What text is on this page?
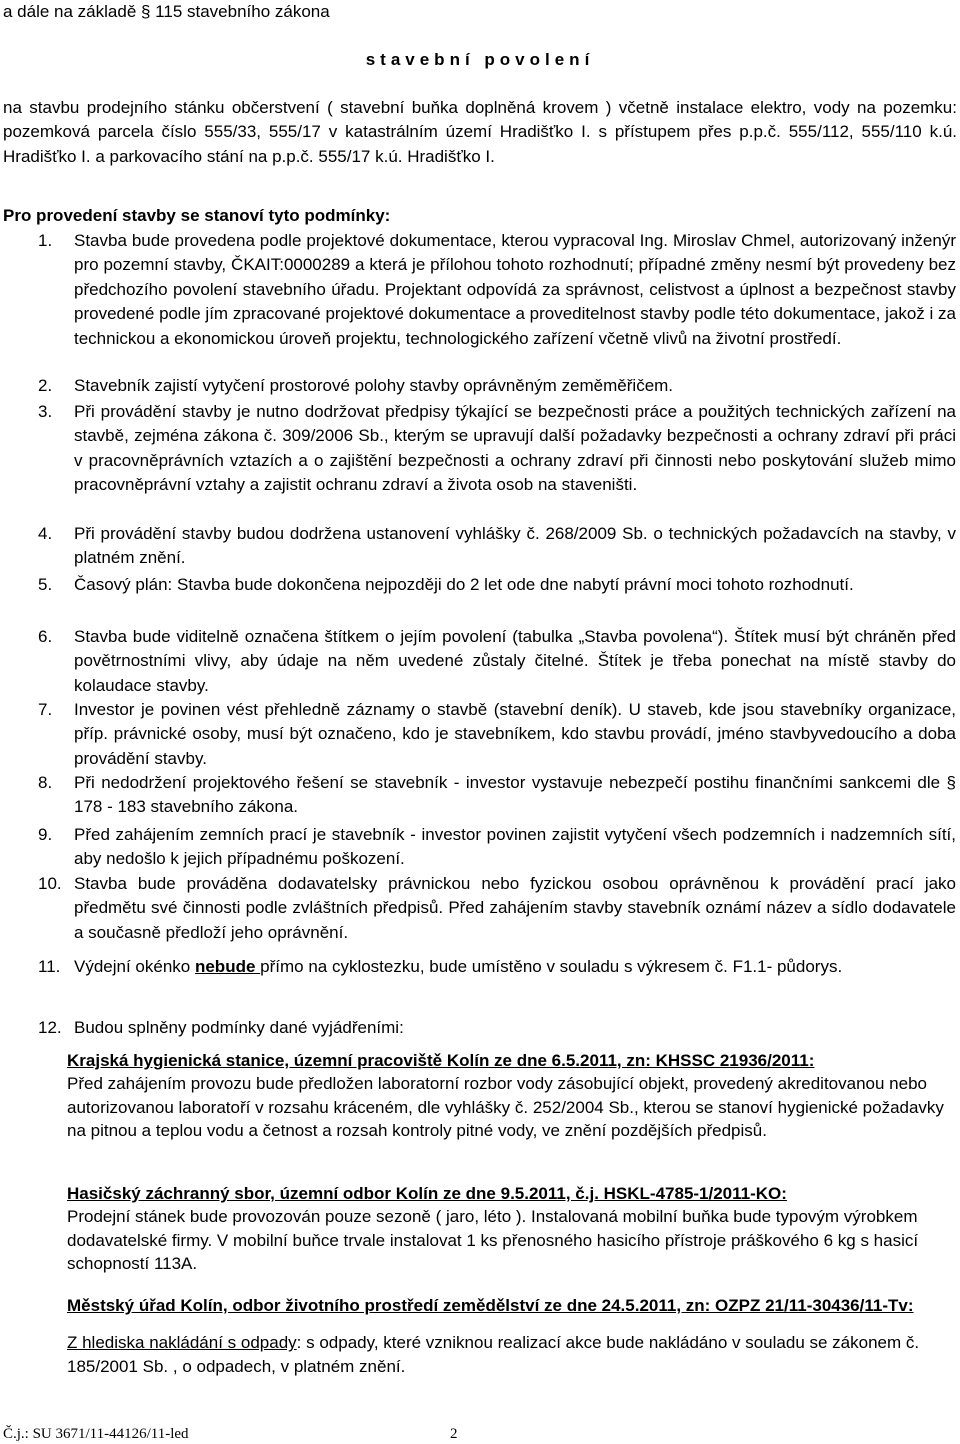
a dále na základě § 115 stavebního zákona
stavební povolení
na stavbu prodejního stánku občerstvení ( stavební buňka doplněná krovem ) včetně instalace elektro, vody na pozemku: pozemková parcela číslo 555/33, 555/17 v katastrálním území Hradišťko I. s přístupem přes p.p.č. 555/112, 555/110 k.ú. Hradišťko I. a parkovacího stání na p.p.č. 555/17 k.ú. Hradišťko I.
Pro provedení stavby se stanoví tyto podmínky:
1.	Stavba bude provedena podle projektové dokumentace, kterou vypracoval Ing. Miroslav Chmel, autorizovaný inženýr pro pozemní stavby, ČKAIT:0000289 a která je přílohou tohoto rozhodnutí; případné změny nesmí být provedeny bez předchozího povolení stavebního úřadu. Projektant odpovídá za správnost, celistvost a úplnost a bezpečnost stavby provedené podle jím zpracované projektové dokumentace a proveditelnost stavby podle této dokumentace, jakož i za technickou a ekonomickou úroveň projektu, technologického zařízení včetně vlivů na životní prostředí.
2.	Stavebník zajistí vytyčení prostorové polohy stavby oprávněným zeměměřičem.
3.	Při provádění stavby je nutno dodržovat předpisy týkající se bezpečnosti práce a použitých technických zařízení na stavbě, zejména zákona č. 309/2006 Sb., kterým se upravují další požadavky bezpečnosti a ochrany zdraví při práci v pracovněprávních vztazích a o zajištění bezpečnosti a ochrany zdraví při činnosti nebo poskytování služeb mimo pracovněprávní vztahy a zajistit ochranu zdraví a života osob na staveništi.
4.	Při provádění stavby budou dodržena ustanovení vyhlášky č. 268/2009 Sb. o technických požadavcích na stavby, v platném znění.
5.	Časový plán: Stavba bude dokončena nejpozději do 2 let ode dne nabytí právní moci tohoto rozhodnutí.
6.	Stavba bude viditelně označena štítkem o jejím povolení (tabulka „Stavba povolena“). Štítek musí být chráněn před povětrnostními vlivy, aby údaje na něm uvedené zůstaly čitelné. Štítek je třeba ponechat na místě stavby do kolaudace stavby.
7.	Investor je povinen vést přehledně záznamy o stavbě (stavební deník). U staveb, kde jsou stavebníky organizace, příp. právnické osoby, musí být označeno, kdo je stavebníkem, kdo stavbu provádí, jméno stavbyvedoucího a doba provádění stavby.
8.	Při nedodržení projektového řešení se stavebník - investor vystavuje nebezpečí postihu finančními sankcemi dle § 178 - 183 stavebního zákona.
9.	Před zahájením zemních prací je stavebník - investor povinen zajistit vytyčení všech podzemních i nadzemních sítí, aby nedošlo k jejich případnému poškození.
10. Stavba bude prováděna dodavatelsky právnickou nebo fyzickou osobou oprávněnou k provádění prací jako předmětu své činnosti podle zvláštních předpisů. Před zahájením stavby stavebník oznámí název a sídlo dodavatele a současně předloží jeho oprávnění.
11. Výdejní okénko nebude přímo na cyklostezku, bude umístěno v souladu s výkresem č. F1.1- půdorys.
12. Budou splněny podmínky dané vyjádřeními:
Krajská hygienická stanice, územní pracoviště Kolín ze dne 6.5.2011, zn: KHSSC 21936/2011:
Před zahájením provozu bude předložen laboratorní rozbor vody zásobující objekt, provedený akreditovanou nebo autorizovanou laboratoří v rozsahu kráceném, dle vyhlášky č. 252/2004 Sb., kterou se stanoví hygienické požadavky na pitnou a teplou vodu a četnost a rozsah kontroly pitné vody, ve znění pozdějších předpisů.
Hasičský záchranný sbor, územní odbor Kolín ze dne 9.5.2011, č.j. HSKL-4785-1/2011-KO:
Prodejní stánek bude provozován pouze sezoně ( jaro, léto ). Instalovaná mobilní buňka bude typovým výrobkem dodavatelské firmy. V mobilní buňce trvale instalovat 1 ks přenosného hasicího přístroje práškového 6 kg s hasicí schopností 113A.
Městský úřad Kolín, odbor životního prostředí zemědělství ze dne 24.5.2011, zn: OZPZ 21/11-30436/11-Tv:
Z hlediska nakládání s odpady: s odpady, které vzniknou realizací akce bude nakládáno v souladu se zákonem č. 185/2001 Sb. , o odpadech, v platném znění.
Č.j.: SU 3671/11-44126/11-led	2
